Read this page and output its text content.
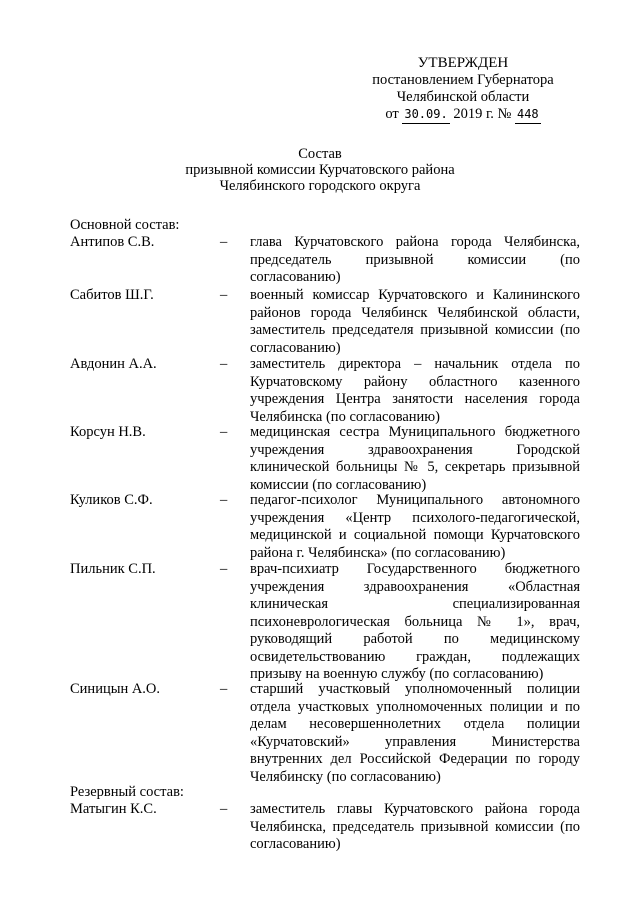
УТВЕРЖДЕН
постановлением Губернатора
Челябинской области
от 30.09. 2019 г. № 448
Состав
призывной комиссии Курчатовского района
Челябинского городского округа
Основной состав:
Антипов С.В.	– глава Курчатовского района города Челябинска, председатель призывной комиссии (по согласованию)
Сабитов Ш.Г.	– военный комиссар Курчатовского и Калининского районов города Челябинск Челябинской области, заместитель председателя призывной комиссии (по согласованию)
Авдонин А.А.	– заместитель директора – начальник отдела по Курчатовскому району областного казенного учреждения Центра занятости населения города Челябинска (по согласованию)
Корсун Н.В.	– медицинская сестра Муниципального бюджетного учреждения здравоохранения Городской клинической больницы № 5, секретарь призывной комиссии (по согласованию)
Куликов С.Ф.	– педагог-психолог Муниципального автономного учреждения «Центр психолого-педагогической, медицинской и социальной помощи Курчатовского района г. Челябинска» (по согласованию)
Пильник С.П.	– врач-психиатр Государственного бюджетного учреждения здравоохранения «Областная клиническая специализированная психоневрологическая больница № 1», врач, руководящий работой по медицинскому освидетельствованию граждан, подлежащих призыву на военную службу (по согласованию)
Синицын А.О.	– старший участковый уполномоченный полиции отдела участковых уполномоченных полиции и по делам несовершеннолетних отдела полиции «Курчатовский» управления Министерства внутренних дел Российской Федерации по городу Челябинску (по согласованию)
Резервный состав:
Матыгин К.С.	– заместитель главы Курчатовского района города Челябинска, председатель призывной комиссии (по согласованию)
